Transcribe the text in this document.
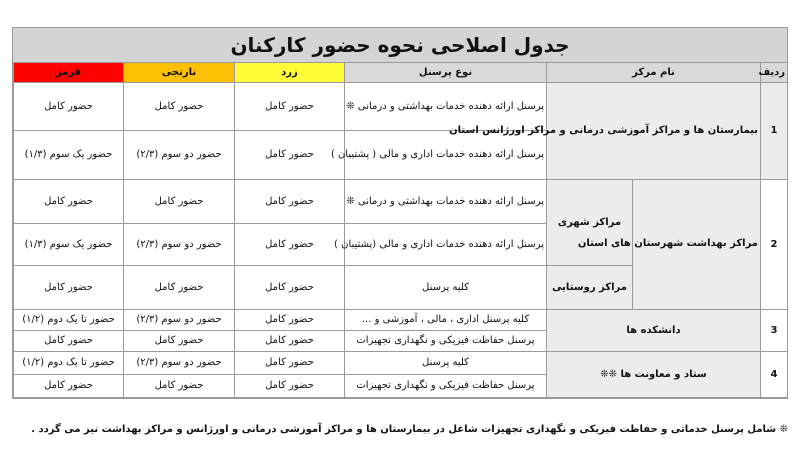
جدول اصلاحی نحوه حضور کارکنان
ردیف	نام مرکز		نوع پرسنل	زرد	نارنجی	قرمز
1	بیمارستان ها و مراکز آموزشی درمانی و مراکز اورژانس استان		پرسنل ارائه دهنده خدمات بهداشتی و درمانی ❊	حضور کامل	حضور کامل	حضور کامل
			پرسنل ارائه دهنده خدمات اداری و مالی ( پشتیبان )	حضور کامل	حضور دو سوم (۲/۳)	حضور یک سوم (۱/۳)
2	مراکز بهداشت شهرستان های استان	مراکز شهری	پرسنل ارائه دهنده خدمات بهداشتی و درمانی ❊	حضور کامل	حضور کامل	حضور کامل
			پرسنل ارائه دهنده خدمات اداری و مالی (پشتیبان )	حضور کامل	حضور دو سوم (۲/۳)	حضور یک سوم (۱/۳)
		مراکز روستایی	کلیه پرسنل	حضور کامل	حضور کامل	حضور کامل
3	دانشکده ها		کلیه پرسنل اداری ، مالی ، آموزشی و ...	حضور کامل	حضور دو سوم (۲/۳)	حضور تا یک دوم (۱/۲)
			پرسنل حفاظت فیزیکی و نگهداری تجهیزات	حضور کامل	حضور کامل	حضور کامل
4	ستاد و معاونت ها ❊❊		کلیه پرسنل	حضور کامل	حضور دو سوم (۲/۳)	حضور تا یک دوم (۱/۲)
			پرسنل حفاظت فیزیکی و نگهداری تجهیزات	حضور کامل	حضور کامل	حضور کامل
❊ شامل پرسنل خدماتی و حفاظت فیزیکی و نگهداری تجهیزات شاغل در بیمارستان ها و مراکز آموزشی درمانی و اورژانس و مراکز بهداشت نیز می گردد .
